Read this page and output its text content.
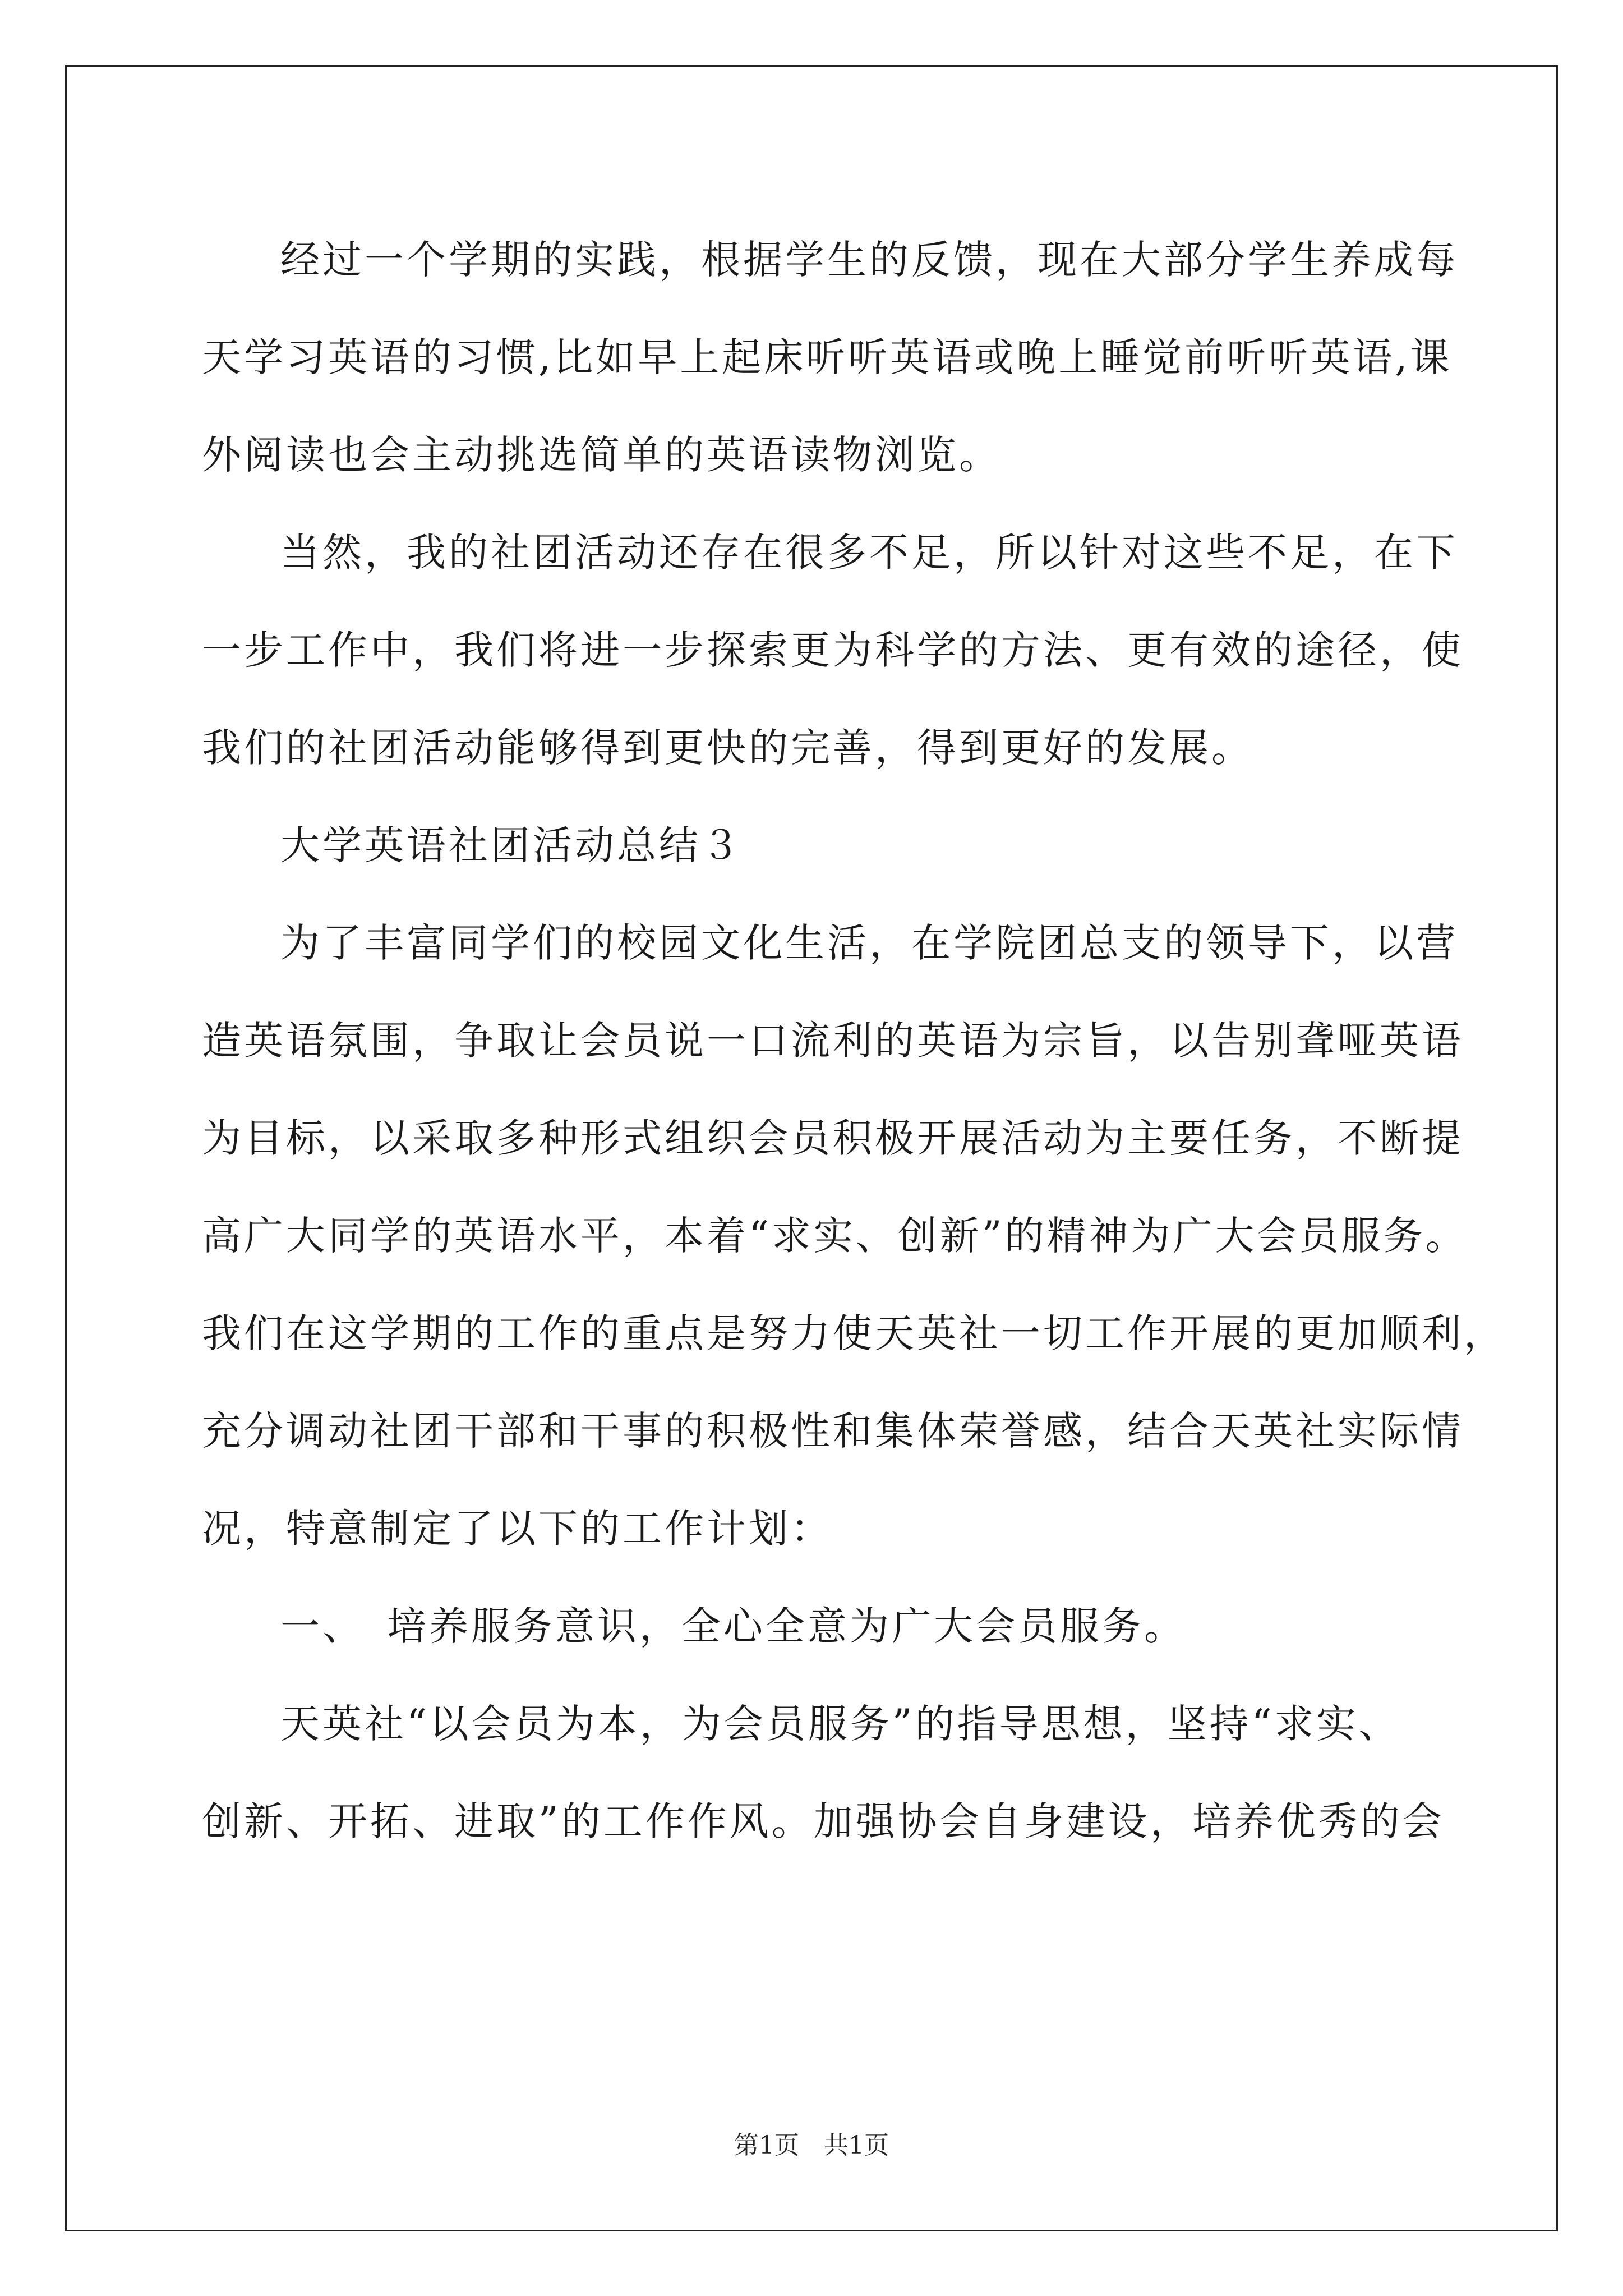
经过一个学期的实践，根据学生的反馈，现在大部分学生养成每
天学习英语的习惯,比如早上起床听听英语或晚上睡觉前听听英语,课
外阅读也会主动挑选简单的英语读物浏览。
当然，我的社团活动还存在很多不足，所以针对这些不足，在下
一步工作中，我们将进一步探索更为科学的方法、更有效的途径，使
我们的社团活动能够得到更快的完善，得到更好的发展。
大学英语社团活动总结３
为了丰富同学们的校园文化生活，在学院团总支的领导下，以营
造英语氛围，争取让会员说一口流利的英语为宗旨，以告别聋哑英语
为目标，以采取多种形式组织会员积极开展活动为主要任务，不断提
高广大同学的英语水平，本着“求实、创新”的精神为广大会员服务。
我们在这学期的工作的重点是努力使天英社一切工作开展的更加顺利，
充分调动社团干部和干事的积极性和集体荣誉感，结合天英社实际情
况，特意制定了以下的工作计划：
一、　培养服务意识，全心全意为广大会员服务。
天英社“以会员为本，为会员服务”的指导思想，坚持“求实、
创新、开拓、进取”的工作作风。加强协会自身建设，培养优秀的会
第1页 共1页
